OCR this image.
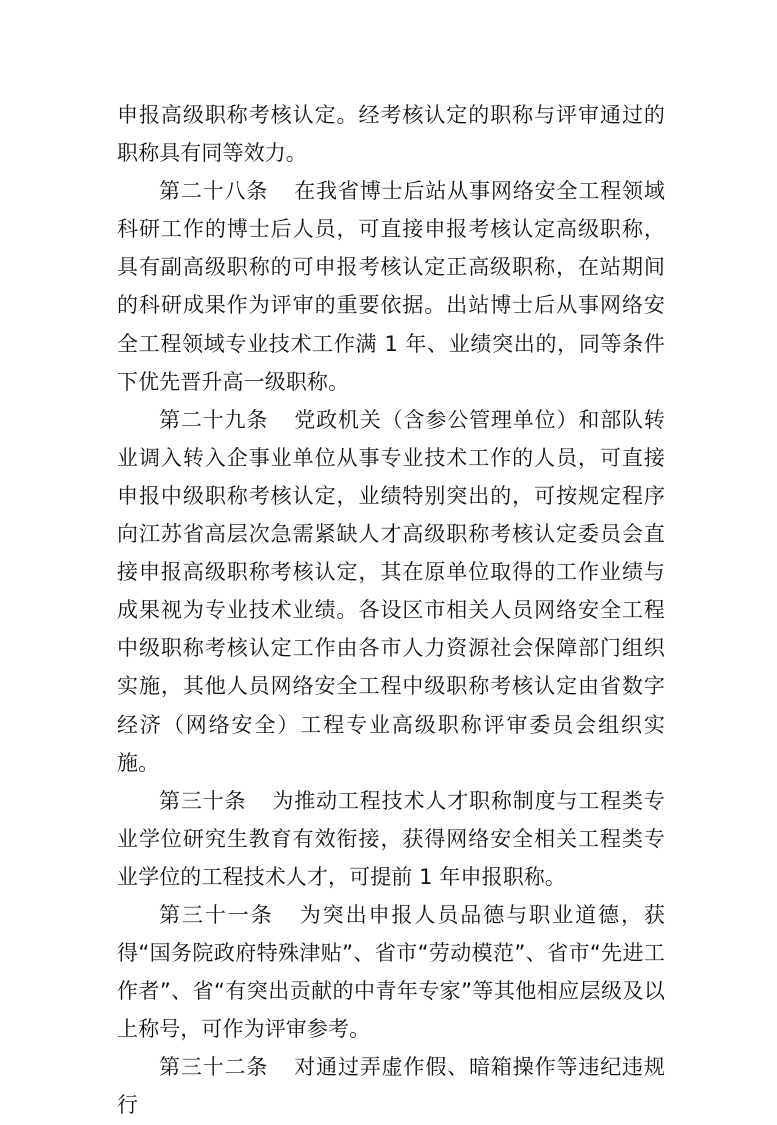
申报高级职称考核认定。经考核认定的职称与评审通过的职称具有同等效力。

第二十八条 在我省博士后站从事网络安全工程领域科研工作的博士后人员，可直接申报考核认定高级职称，具有副高级职称的可申报考核认定正高级职称，在站期间的科研成果作为评审的重要依据。出站博士后从事网络安全工程领域专业技术工作满 1 年、业绩突出的，同等条件下优先晋升高一级职称。

第二十九条 党政机关（含参公管理单位）和部队转业调入转入企事业单位从事专业技术工作的人员，可直接申报中级职称考核认定，业绩特别突出的，可按规定程序向江苏省高层次急需紧缺人才高级职称考核认定委员会直接申报高级职称考核认定，其在原单位取得的工作业绩与成果视为专业技术业绩。各设区市相关人员网络安全工程中级职称考核认定工作由各市人力资源社会保障部门组织实施，其他人员网络安全工程中级职称考核认定由省数字经济（网络安全）工程专业高级职称评审委员会组织实施。

第三十条 为推动工程技术人才职称制度与工程类专业学位研究生教育有效衔接，获得网络安全相关工程类专业学位的工程技术人才，可提前 1 年申报职称。

第三十一条 为突出申报人员品德与职业道德，获得“国务院政府特殊津贴”、省市“劳动模范”、省市“先进工作者”、省“有突出贡献的中青年专家”等其他相应层级及以上称号，可作为评审参考。

第三十二条 对通过弄虚作假、暗箱操作等违纪违规行
